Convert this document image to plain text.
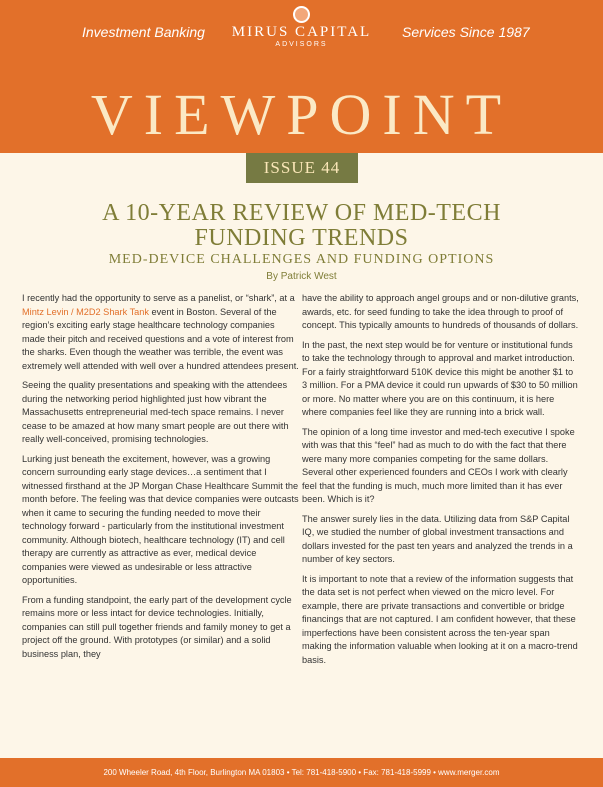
Investment Banking	Services Since 1987
MIRUS CAPITAL
ADVISORS
VIEWPOINT
ISSUE 44
A 10-YEAR REVIEW OF MED-TECH
FUNDING TRENDS
MED-DEVICE CHALLENGES AND FUNDING OPTIONS
By Patrick West

I recently had the opportunity to serve as a panelist, or “shark”, at a Mintz Levin / M2D2 Shark Tank event in Boston. Several of the region’s exciting early stage healthcare technology companies made their pitch and received questions and a vote of interest from the sharks. Even though the weather was terrible, the event was extremely well attended with well over a hundred attendees present.

Seeing the quality presentations and speaking with the attendees during the networking period highlighted just how vibrant the Massachusetts entrepreneurial med-tech space remains. I never cease to be amazed at how many smart people are out there with really well-conceived, promising technologies.

Lurking just beneath the excitement, however, was a growing concern surrounding early stage devices…a sentiment that I witnessed firsthand at the JP Morgan Chase Healthcare Summit the month before. The feeling was that device companies were outcasts when it came to securing the funding needed to move their technology forward - particularly from the institutional investment community. Although biotech, healthcare technology (IT) and cell therapy are currently as attractive as ever, medical device companies were viewed as undesirable or less attractive opportunities.

From a funding standpoint, the early part of the development cycle remains more or less intact for device technologies. Initially, companies can still pull together friends and family money to get a project off the ground. With prototypes (or similar) and a solid business plan, they

have the ability to approach angel groups and or non-dilutive grants, awards, etc. for seed funding to take the idea through to proof of concept. This typically amounts to hundreds of thousands of dollars.

In the past, the next step would be for venture or institutional funds to take the technology through to approval and market introduction. For a fairly straightforward 510K device this might be another $1 to 3 million. For a PMA device it could run upwards of $30 to 50 million or more. No matter where you are on this continuum, it is here where companies feel like they are running into a brick wall.

The opinion of a long time investor and med-tech executive I spoke with was that this “feel” had as much to do with the fact that there were many more companies competing for the same dollars. Several other experienced founders and CEOs I work with clearly feel that the funding is much, much more limited than it has ever been. Which is it?

The answer surely lies in the data. Utilizing data from S&P Capital IQ, we studied the number of global investment transactions and dollars invested for the past ten years and analyzed the trends in a number of key sectors.

It is important to note that a review of the information suggests that the data set is not perfect when viewed on the micro level. For example, there are private transactions and convertible or bridge financings that are not captured. I am confident however, that these imperfections have been consistent across the ten-year span making the information valuable when looking at it on a macro-trend basis.

200 Wheeler Road, 4th Floor, Burlington MA 01803 • Tel: 781-418-5900 • Fax: 781-418-5999 • www.merger.com
